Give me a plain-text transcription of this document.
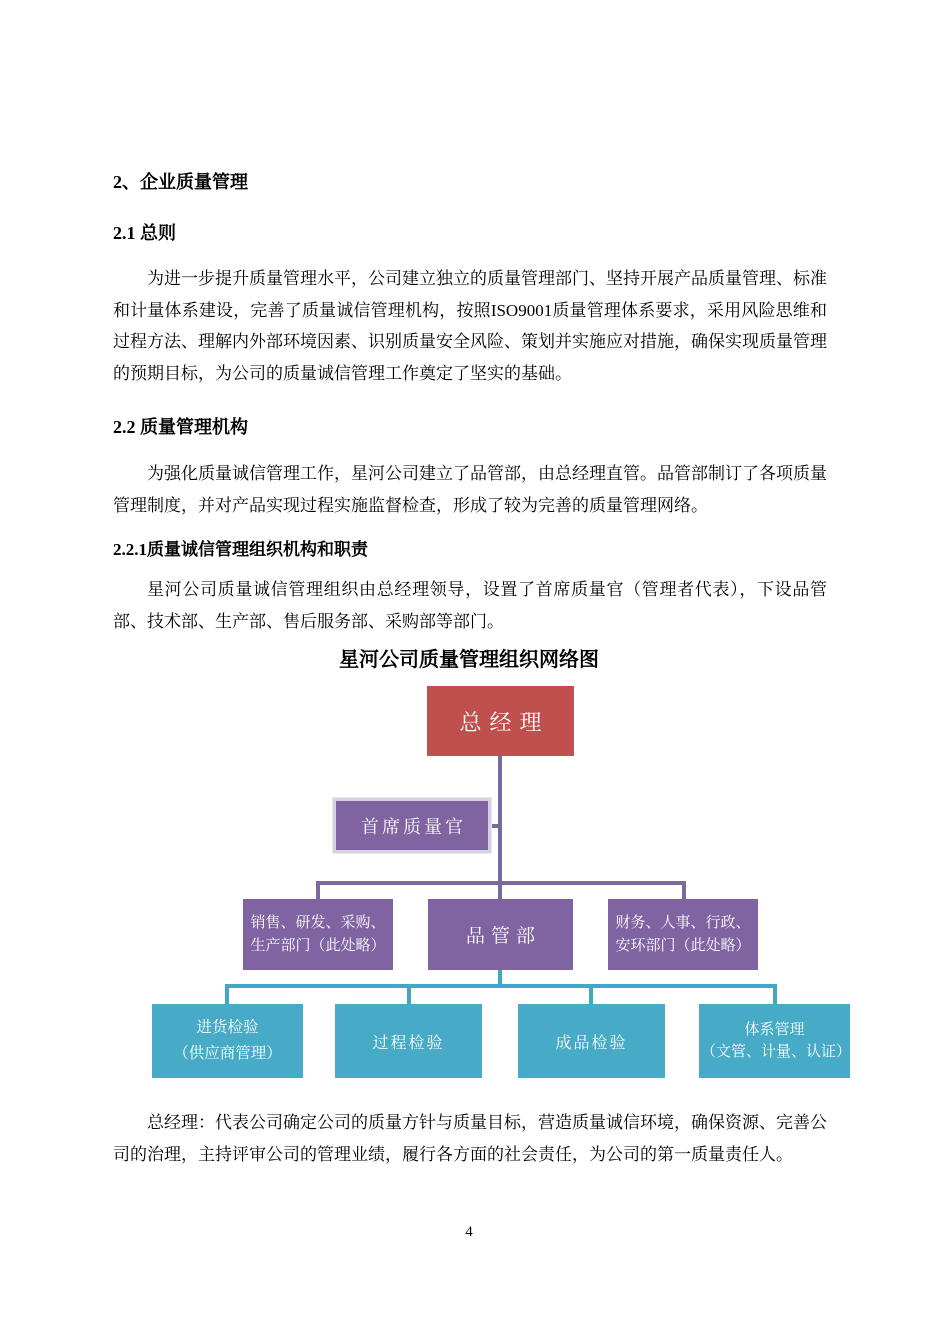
2、企业质量管理
2.1 总则
为进一步提升质量管理水平，公司建立独立的质量管理部门、坚持开展产品质量管理、标准和计量体系建设，完善了质量诚信管理机构，按照ISO9001质量管理体系要求，采用风险思维和过程方法、理解内外部环境因素、识别质量安全风险、策划并实施应对措施，确保实现质量管理的预期目标，为公司的质量诚信管理工作奠定了坚实的基础。
2.2 质量管理机构
为强化质量诚信管理工作，星河公司建立了品管部，由总经理直管。品管部制订了各项质量管理制度，并对产品实现过程实施监督检查，形成了较为完善的质量管理网络。
2.2.1质量诚信管理组织机构和职责
星河公司质量诚信管理组织由总经理领导，设置了首席质量官（管理者代表），下设品管部、技术部、生产部、售后服务部、采购部等部门。
星河公司质量管理组织网络图
总经理
首席质量官
销售、研发、采购、
生产部门（此处略）	品管部
财务、人事、行政、
安环部门（此处略）
进货检验
（供应商管理）
过程检验	成品检验
体系管理
（文管、计量、认证）
总经理：代表公司确定公司的质量方针与质量目标，营造质量诚信环境，确保资源、完善公司的治理，主持评审公司的管理业绩，履行各方面的社会责任，为公司的第一质量责任人。
4
